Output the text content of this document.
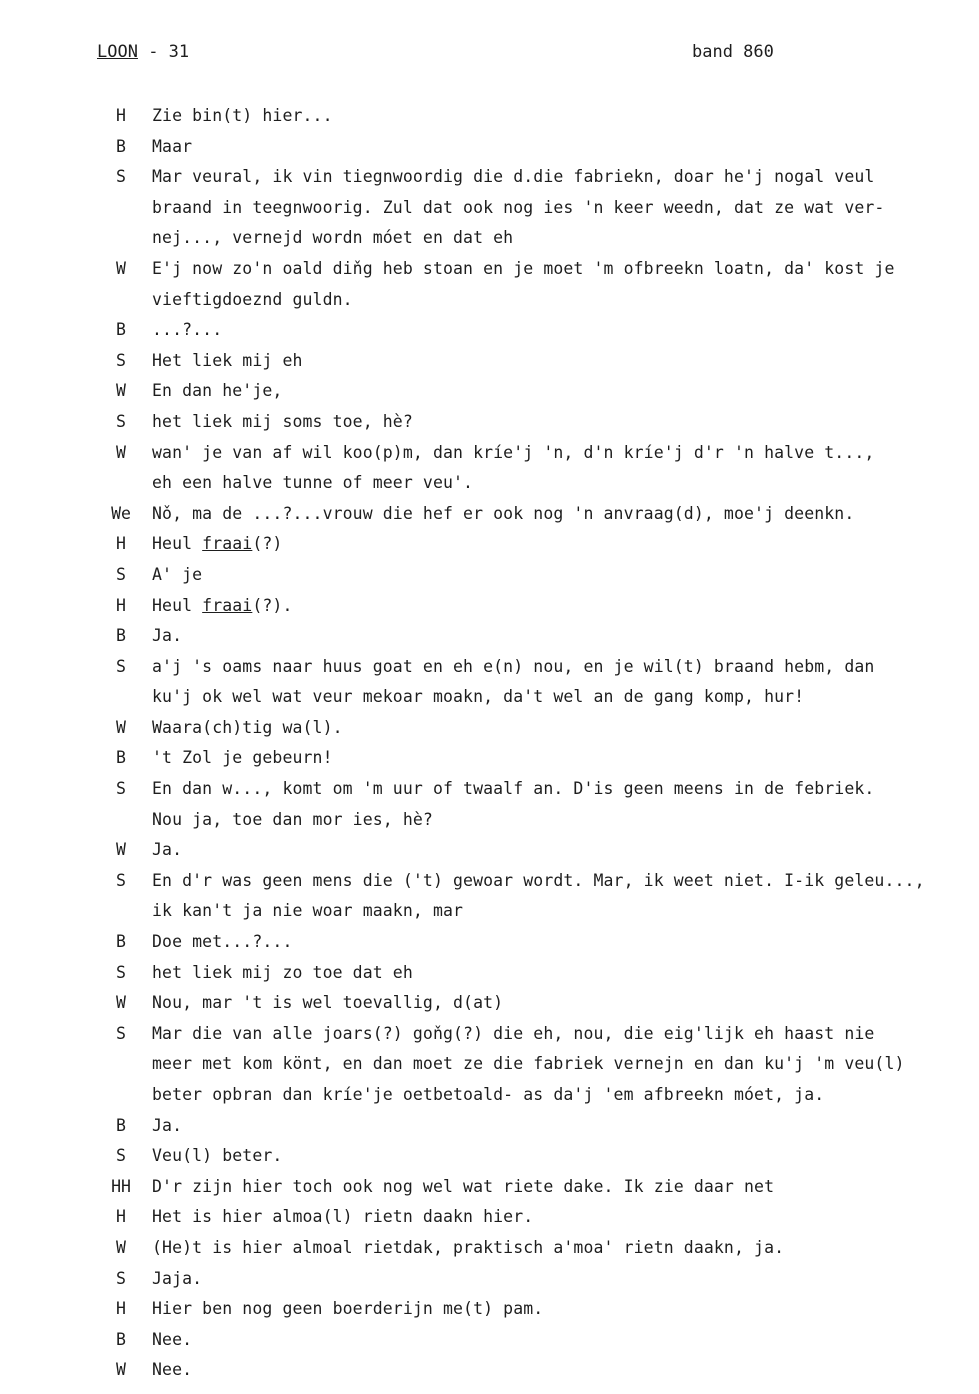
LOON - 31	band 860
H	Zie bin(t) hier...
B	Maar
S	Mar veural, ik vin tiegnwoordig die d.die fabriekn, doar he'j nogal veul
braand in teegnwoorig. Zul dat ook nog ies 'n keer weedn, dat ze wat ver-
nej..., vernejd wordn móet en dat eh
W	E'j now zo'n oald diňg heb stoan en je moet 'm ofbreekn loatn, da' kost je
vieftigdoeznd guldn.
B	...?...
S	Het liek mij eh
W	En dan he'je,
S	het liek mij soms toe, hè?
W	wan' je van af wil koo(p)m, dan kríe'j 'n, d'n kríe'j d'r 'n halve t...,
eh een halve tunne of meer veu'.
We Nǒ, ma de ...?...vrouw die hef er ook nog 'n anvraag(d), moe'j deenkn.
H	Heul fraai(?)
S	A' je
H	Heul fraai(?).
B	Ja.
S	a'j 's oams naar huus goat en eh e(n) nou, en je wil(t) braand hebm, dan
ku'j ok wel wat veur mekoar moakn, da't wel an de gang komp, hur!
W	Waara(ch)tig wa(l).
B	't Zol je gebeurn!
S	En dan w..., komt om 'm uur of twaalf an. D'is geen meens in de febriek.
Nou ja, toe dan mor ies, hè?
W	Ja.
S	En d'r was geen mens die ('t) gewoar wordt. Mar, ik weet niet. I-ik geleu...,
ik kan't ja nie woar maakn, mar
B	Doe met...?...
S	het liek mij zo toe dat eh
W	Nou, mar 't is wel toevallig, d(at)
S	Mar die van alle joars(?) goňg(?) die eh, nou, die eig'lijk eh haast nie
meer met kom könt, en dan moet ze die fabriek vernejn en dan ku'j 'm veu(l)
beter opbran dan kríe'je oetbetoald- as da'j 'em afbreekn móet, ja.
B	Ja.
S	Veu(l) beter.
HH D'r zijn hier toch ook nog wel wat riete dake. Ik zie daar net
H	Het is hier almoa(l) rietn daakn hier.
W	(He)t is hier almoal rietdak, praktisch a'moa' rietn daakn, ja.
S	Jaja.
H	Hier ben nog geen boerderijn me(t) pam.
B	Nee.
W	Nee.
